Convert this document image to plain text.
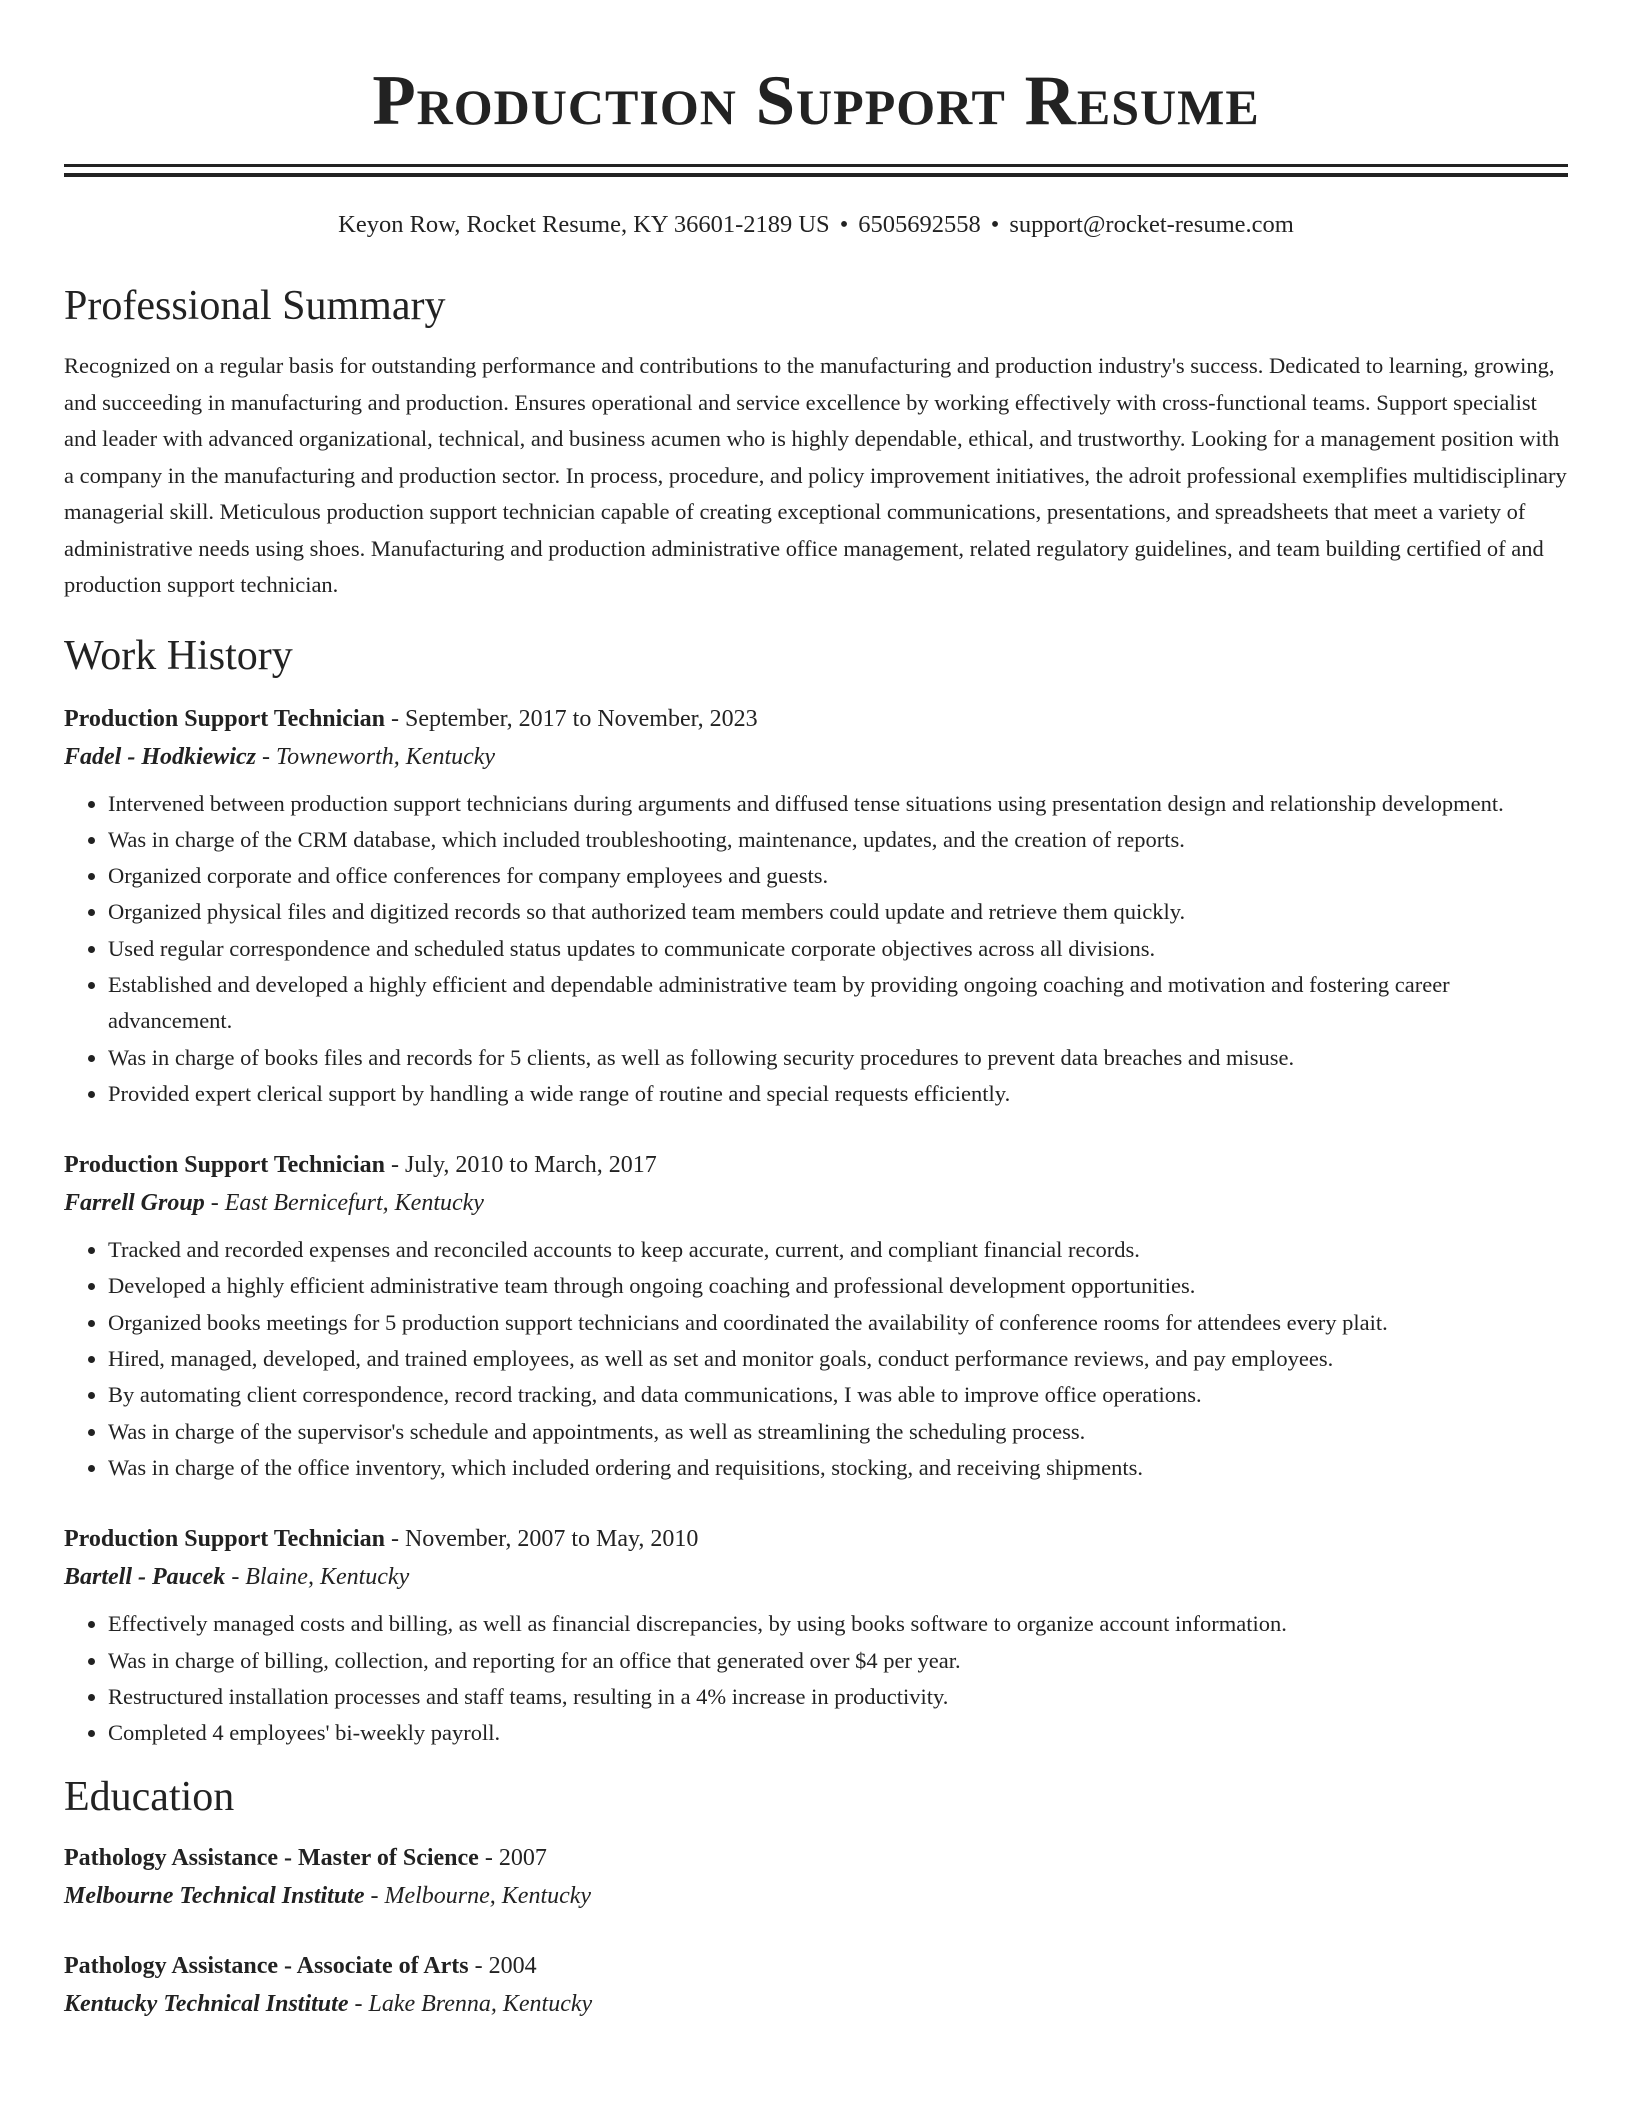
Production Support Resume
Keyon Row, Rocket Resume, KY 36601-2189 US • 6505692558 • support@rocket-resume.com
Professional Summary
Recognized on a regular basis for outstanding performance and contributions to the manufacturing and production industry's success. Dedicated to learning, growing, and succeeding in manufacturing and production. Ensures operational and service excellence by working effectively with cross-functional teams. Support specialist and leader with advanced organizational, technical, and business acumen who is highly dependable, ethical, and trustworthy. Looking for a management position with a company in the manufacturing and production sector. In process, procedure, and policy improvement initiatives, the adroit professional exemplifies multidisciplinary managerial skill. Meticulous production support technician capable of creating exceptional communications, presentations, and spreadsheets that meet a variety of administrative needs using shoes. Manufacturing and production administrative office management, related regulatory guidelines, and team building certified of and production support technician.
Work History
Production Support Technician - September, 2017 to November, 2023
Fadel - Hodkiewicz - Towneworth, Kentucky
• Intervened between production support technicians during arguments and diffused tense situations using presentation design and relationship development.
• Was in charge of the CRM database, which included troubleshooting, maintenance, updates, and the creation of reports.
• Organized corporate and office conferences for company employees and guests.
• Organized physical files and digitized records so that authorized team members could update and retrieve them quickly.
• Used regular correspondence and scheduled status updates to communicate corporate objectives across all divisions.
• Established and developed a highly efficient and dependable administrative team by providing ongoing coaching and motivation and fostering career advancement.
• Was in charge of books files and records for 5 clients, as well as following security procedures to prevent data breaches and misuse.
• Provided expert clerical support by handling a wide range of routine and special requests efficiently.
Production Support Technician - July, 2010 to March, 2017
Farrell Group - East Bernicefurt, Kentucky
• Tracked and recorded expenses and reconciled accounts to keep accurate, current, and compliant financial records.
• Developed a highly efficient administrative team through ongoing coaching and professional development opportunities.
• Organized books meetings for 5 production support technicians and coordinated the availability of conference rooms for attendees every plait.
• Hired, managed, developed, and trained employees, as well as set and monitor goals, conduct performance reviews, and pay employees.
• By automating client correspondence, record tracking, and data communications, I was able to improve office operations.
• Was in charge of the supervisor's schedule and appointments, as well as streamlining the scheduling process.
• Was in charge of the office inventory, which included ordering and requisitions, stocking, and receiving shipments.
Production Support Technician - November, 2007 to May, 2010
Bartell - Paucek - Blaine, Kentucky
• Effectively managed costs and billing, as well as financial discrepancies, by using books software to organize account information.
• Was in charge of billing, collection, and reporting for an office that generated over $4 per year.
• Restructured installation processes and staff teams, resulting in a 4% increase in productivity.
• Completed 4 employees' bi-weekly payroll.
Education
Pathology Assistance - Master of Science - 2007
Melbourne Technical Institute - Melbourne, Kentucky
Pathology Assistance - Associate of Arts - 2004
Kentucky Technical Institute - Lake Brenna, Kentucky
